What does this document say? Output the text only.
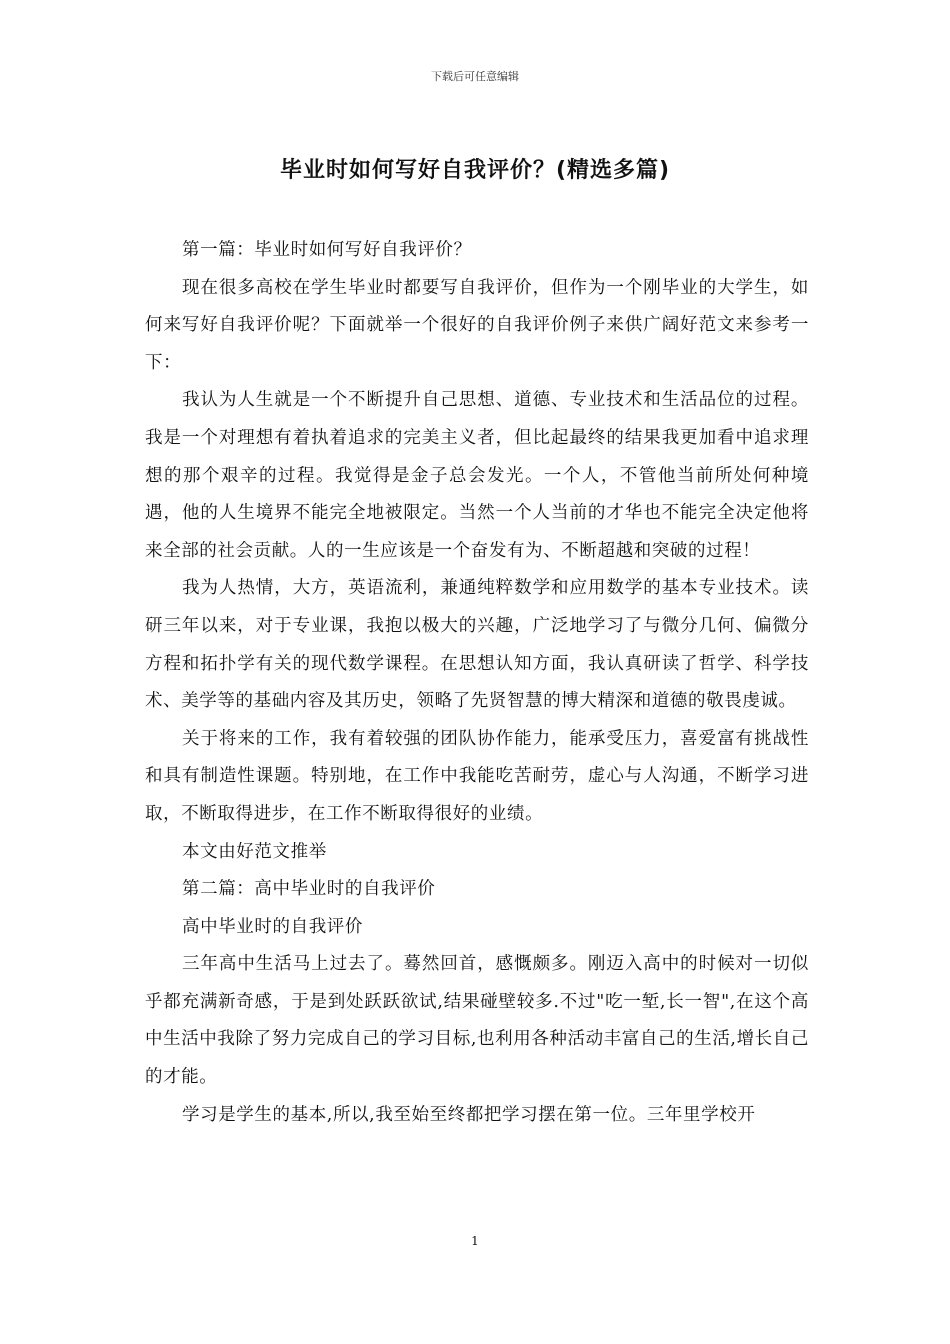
下载后可任意编辑
毕业时如何写好自我评价？(精选多篇)

第一篇：毕业时如何写好自我评价？

现在很多高校在学生毕业时都要写自我评价，但作为一个刚毕业的大学生，如何来写好自我评价呢？下面就举一个很好的自我评价例子来供广阔好范文来参考一下：

我认为人生就是一个不断提升自己思想、道德、专业技术和生活品位的过程。我是一个对理想有着执着追求的完美主义者，但比起最终的结果我更加看中追求理想的那个艰辛的过程。我觉得是金子总会发光。一个人，不管他当前所处何种境遇，他的人生境界不能完全地被限定。当然一个人当前的才华也不能完全决定他将来全部的社会贡献。人的一生应该是一个奋发有为、不断超越和突破的过程！

我为人热情，大方，英语流利，兼通纯粹数学和应用数学的基本专业技术。读研三年以来，对于专业课，我抱以极大的兴趣，广泛地学习了与微分几何、偏微分方程和拓扑学有关的现代数学课程。在思想认知方面，我认真研读了哲学、科学技术、美学等的基础内容及其历史，领略了先贤智慧的博大精深和道德的敬畏虔诚。

关于将来的工作，我有着较强的团队协作能力，能承受压力，喜爱富有挑战性和具有制造性课题。特别地，在工作中我能吃苦耐劳，虚心与人沟通，不断学习进取，不断取得进步，在工作不断取得很好的业绩。

本文由好范文推举

第二篇：高中毕业时的自我评价

高中毕业时的自我评价

三年高中生活马上过去了。蓦然回首，感慨颇多。刚迈入高中的时候对一切似乎都充满新奇感，于是到处跃跃欲试,结果碰壁较多.不过"吃一堑,长一智",在这个高中生活中我除了努力完成自己的学习目标,也利用各种活动丰富自己的生活,增长自己的才能。

学习是学生的基本,所以,我至始至终都把学习摆在第一位。三年里学校开

1
